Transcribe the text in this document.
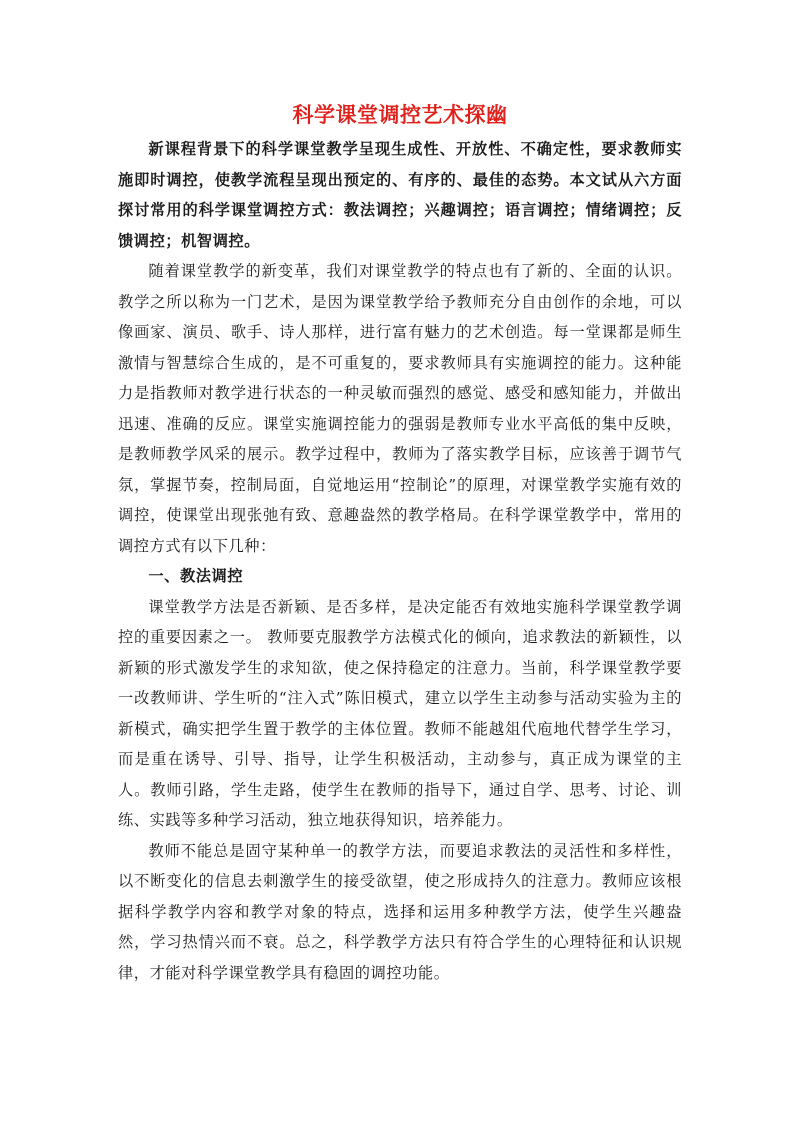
科学课堂调控艺术探幽

新课程背景下的科学课堂教学呈现生成性、开放性、不确定性，要求教师实施即时调控，使教学流程呈现出预定的、有序的、最佳的态势。本文试从六方面探讨常用的科学课堂调控方式：教法调控；兴趣调控；语言调控；情绪调控；反馈调控；机智调控。

随着课堂教学的新变革，我们对课堂教学的特点也有了新的、全面的认识。教学之所以称为一门艺术，是因为课堂教学给予教师充分自由创作的余地，可以像画家、演员、歌手、诗人那样，进行富有魅力的艺术创造。每一堂课都是师生激情与智慧综合生成的，是不可重复的，要求教师具有实施调控的能力。这种能力是指教师对教学进行状态的一种灵敏而强烈的感觉、感受和感知能力，并做出迅速、准确的反应。课堂实施调控能力的强弱是教师专业水平高低的集中反映，是教师教学风采的展示。教学过程中，教师为了落实教学目标，应该善于调节气氛，掌握节奏，控制局面，自觉地运用“控制论”的原理，对课堂教学实施有效的调控，使课堂出现张弛有致、意趣盎然的教学格局。在科学课堂教学中，常用的调控方式有以下几种：

一、教法调控

课堂教学方法是否新颖、是否多样，是决定能否有效地实施科学课堂教学调控的重要因素之一。 教师要克服教学方法模式化的倾向，追求教法的新颖性，以新颖的形式激发学生的求知欲，使之保持稳定的注意力。当前，科学课堂教学要一改教师讲、学生听的“注入式”陈旧模式，建立以学生主动参与活动实验为主的新模式，确实把学生置于教学的主体位置。教师不能越俎代庖地代替学生学习，而是重在诱导、引导、指导，让学生积极活动，主动参与，真正成为课堂的主人。教师引路，学生走路，使学生在教师的指导下，通过自学、思考、讨论、训练、实践等多种学习活动，独立地获得知识，培养能力。

教师不能总是固守某种单一的教学方法，而要追求教法的灵活性和多样性，以不断变化的信息去刺激学生的接受欲望，使之形成持久的注意力。教师应该根据科学教学内容和教学对象的特点，选择和运用多种教学方法，使学生兴趣盎然，学习热情兴而不衰。总之，科学教学方法只有符合学生的心理特征和认识规律，才能对科学课堂教学具有稳固的调控功能。
